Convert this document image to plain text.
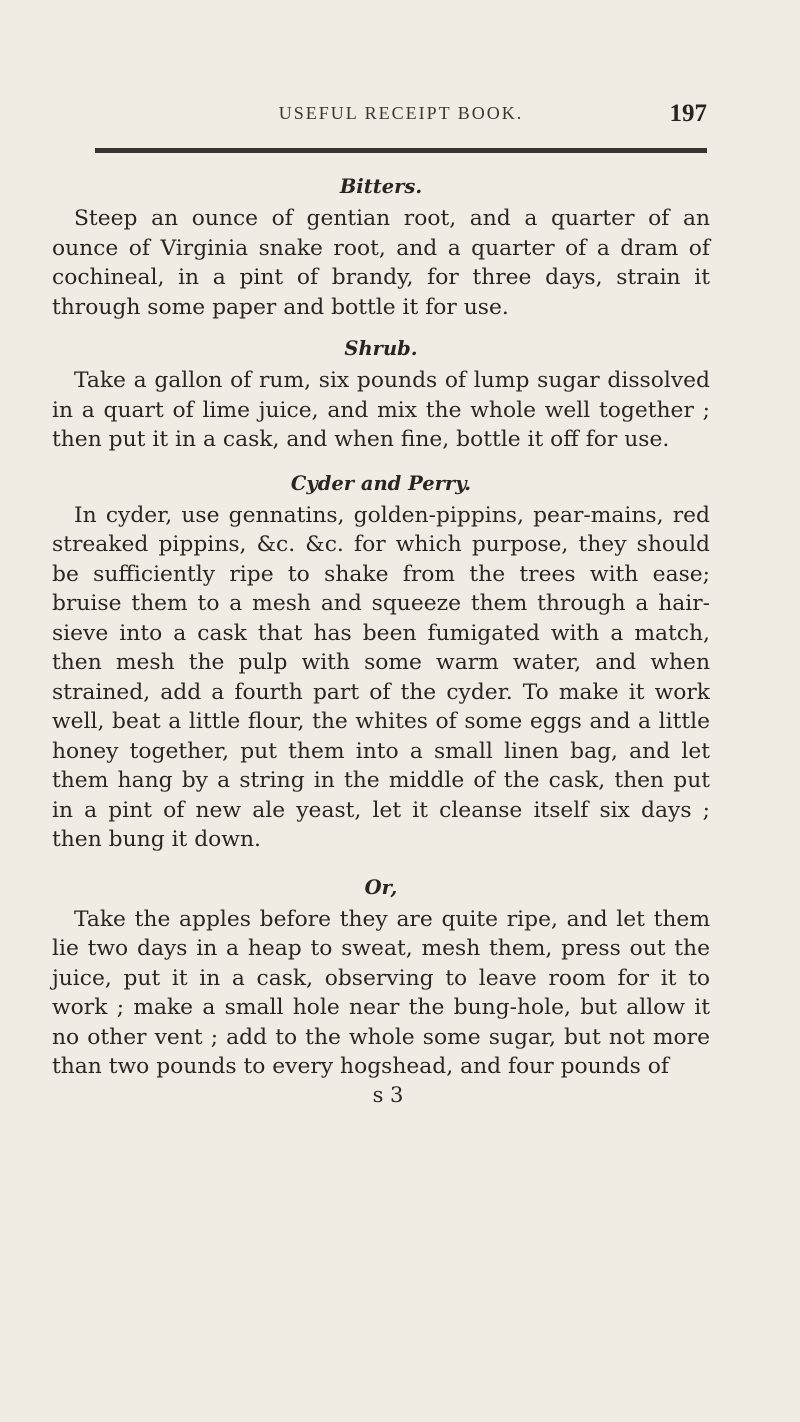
USEFUL RECEIPT BOOK.	197
Bitters.

Steep an ounce of gentian root, and a quarter of an ounce of Virginia snake root, and a quarter of a dram of cochineal, in a pint of brandy, for three days, strain it through some paper and bottle it for use.

Shrub.

Take a gallon of rum, six pounds of lump sugar dissolved in a quart of lime juice, and mix the whole well together ; then put it in a cask, and when fine, bottle it off for use.

Cyder and Perry.

In cyder, use gennatins, golden-pippins, pear-mains, red streaked pippins, &c. &c. for which purpose, they should be sufficiently ripe to shake from the trees with ease; bruise them to a mesh and squeeze them through a hair-sieve into a cask that has been fumigated with a match, then mesh the pulp with some warm water, and when strained, add a fourth part of the cyder. To make it work well, beat a little flour, the whites of some eggs and a little honey together, put them into a small linen bag, and let them hang by a string in the middle of the cask, then put in a pint of new ale yeast, let it cleanse itself six days ; then bung it down.

Or,

Take the apples before they are quite ripe, and let them lie two days in a heap to sweat, mesh them, press out the juice, put it in a cask, observing to leave room for it to work ; make a small hole near the bung-hole, but allow it no other vent ; add to the whole some sugar, but not more than two pounds to every hogshead, and four pounds of

s 3
